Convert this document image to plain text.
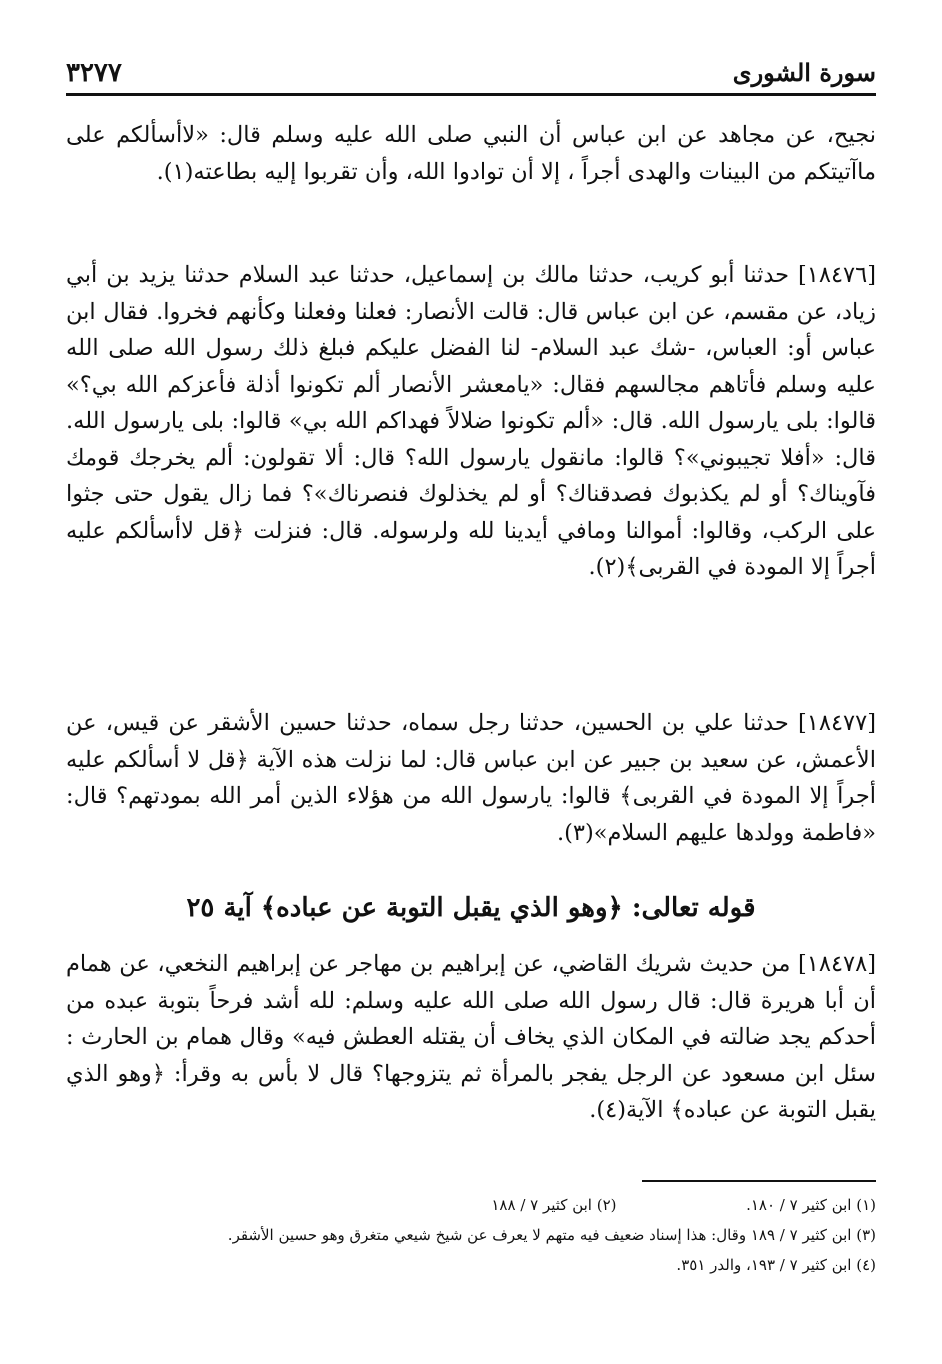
سورة الشورى
٣٢٧٧

نجيح، عن مجاهد عن ابن عباس أن النبي صلى الله عليه وسلم قال: «لاأسألكم على ماآتيتكم من البينات والهدى أجراً ، إلا أن توادوا الله، وأن تقربوا إليه بطاعته(١).

[١٨٤٧٦] حدثنا أبو كريب، حدثنا مالك بن إسماعيل، حدثنا عبد السلام حدثنا يزيد بن أبي زياد، عن مقسم، عن ابن عباس قال: قالت الأنصار: فعلنا وفعلنا وكأنهم فخروا. فقال ابن عباس أو: العباس، -شك عبد السلام- لنا الفضل عليكم فبلغ ذلك رسول الله صلى الله عليه وسلم فأتاهم مجالسهم فقال: «يامعشر الأنصار ألم تكونوا أذلة فأعزكم الله بي؟» قالوا: بلى يارسول الله. قال: «ألم تكونوا ضلالاً فهداكم الله بي» قالوا: بلى يارسول الله. قال: «أفلا تجيبوني»؟ قالوا: مانقول يارسول الله؟ قال: ألا تقولون: ألم يخرجك قومك فآويناك؟ أو لم يكذبوك فصدقناك؟ أو لم يخذلوك فنصرناك»؟ فما زال يقول حتى جثوا على الركب، وقالوا: أموالنا ومافي أيدينا لله ولرسوله. قال: فنزلت ﴿قل لاأسألكم عليه أجراً إلا المودة في القربى﴾(٢).

[١٨٤٧٧] حدثنا علي بن الحسين، حدثنا رجل سماه، حدثنا حسين الأشقر عن قيس، عن الأعمش، عن سعيد بن جبير عن ابن عباس قال: لما نزلت هذه الآية ﴿قل لا أسألكم عليه أجراً إلا المودة في القربى﴾ قالوا: يارسول الله من هؤلاء الذين أمر الله بمودتهم؟ قال: «فاطمة وولدها عليهم السلام»(٣).

قوله تعالى: ﴿وهو الذي يقبل التوبة عن عباده﴾ آية ٢٥

[١٨٤٧٨] من حديث شريك القاضي، عن إبراهيم بن مهاجر عن إبراهيم النخعي، عن همام أن أبا هريرة قال: قال رسول الله صلى الله عليه وسلم: لله أشد فرحاً بتوبة عبده من أحدكم يجد ضالته في المكان الذي يخاف أن يقتله العطش فيه» وقال همام بن الحارث : سئل ابن مسعود عن الرجل يفجر بالمرأة ثم يتزوجها؟ قال لا بأس به وقرأ: ﴿وهو الذي يقبل التوبة عن عباده﴾ الآية(٤).

(١) ابن كثير ٧ / ١٨٠.  (٢) ابن كثير ٧ / ١٨٨
(٣) ابن كثير ٧ / ١٨٩ وقال: هذا إسناد ضعيف فيه متهم لا يعرف عن شيخ شيعي متغرق وهو حسين الأشقر.
(٤) ابن كثير ٧ / ١٩٣، والدر ٣٥١.
